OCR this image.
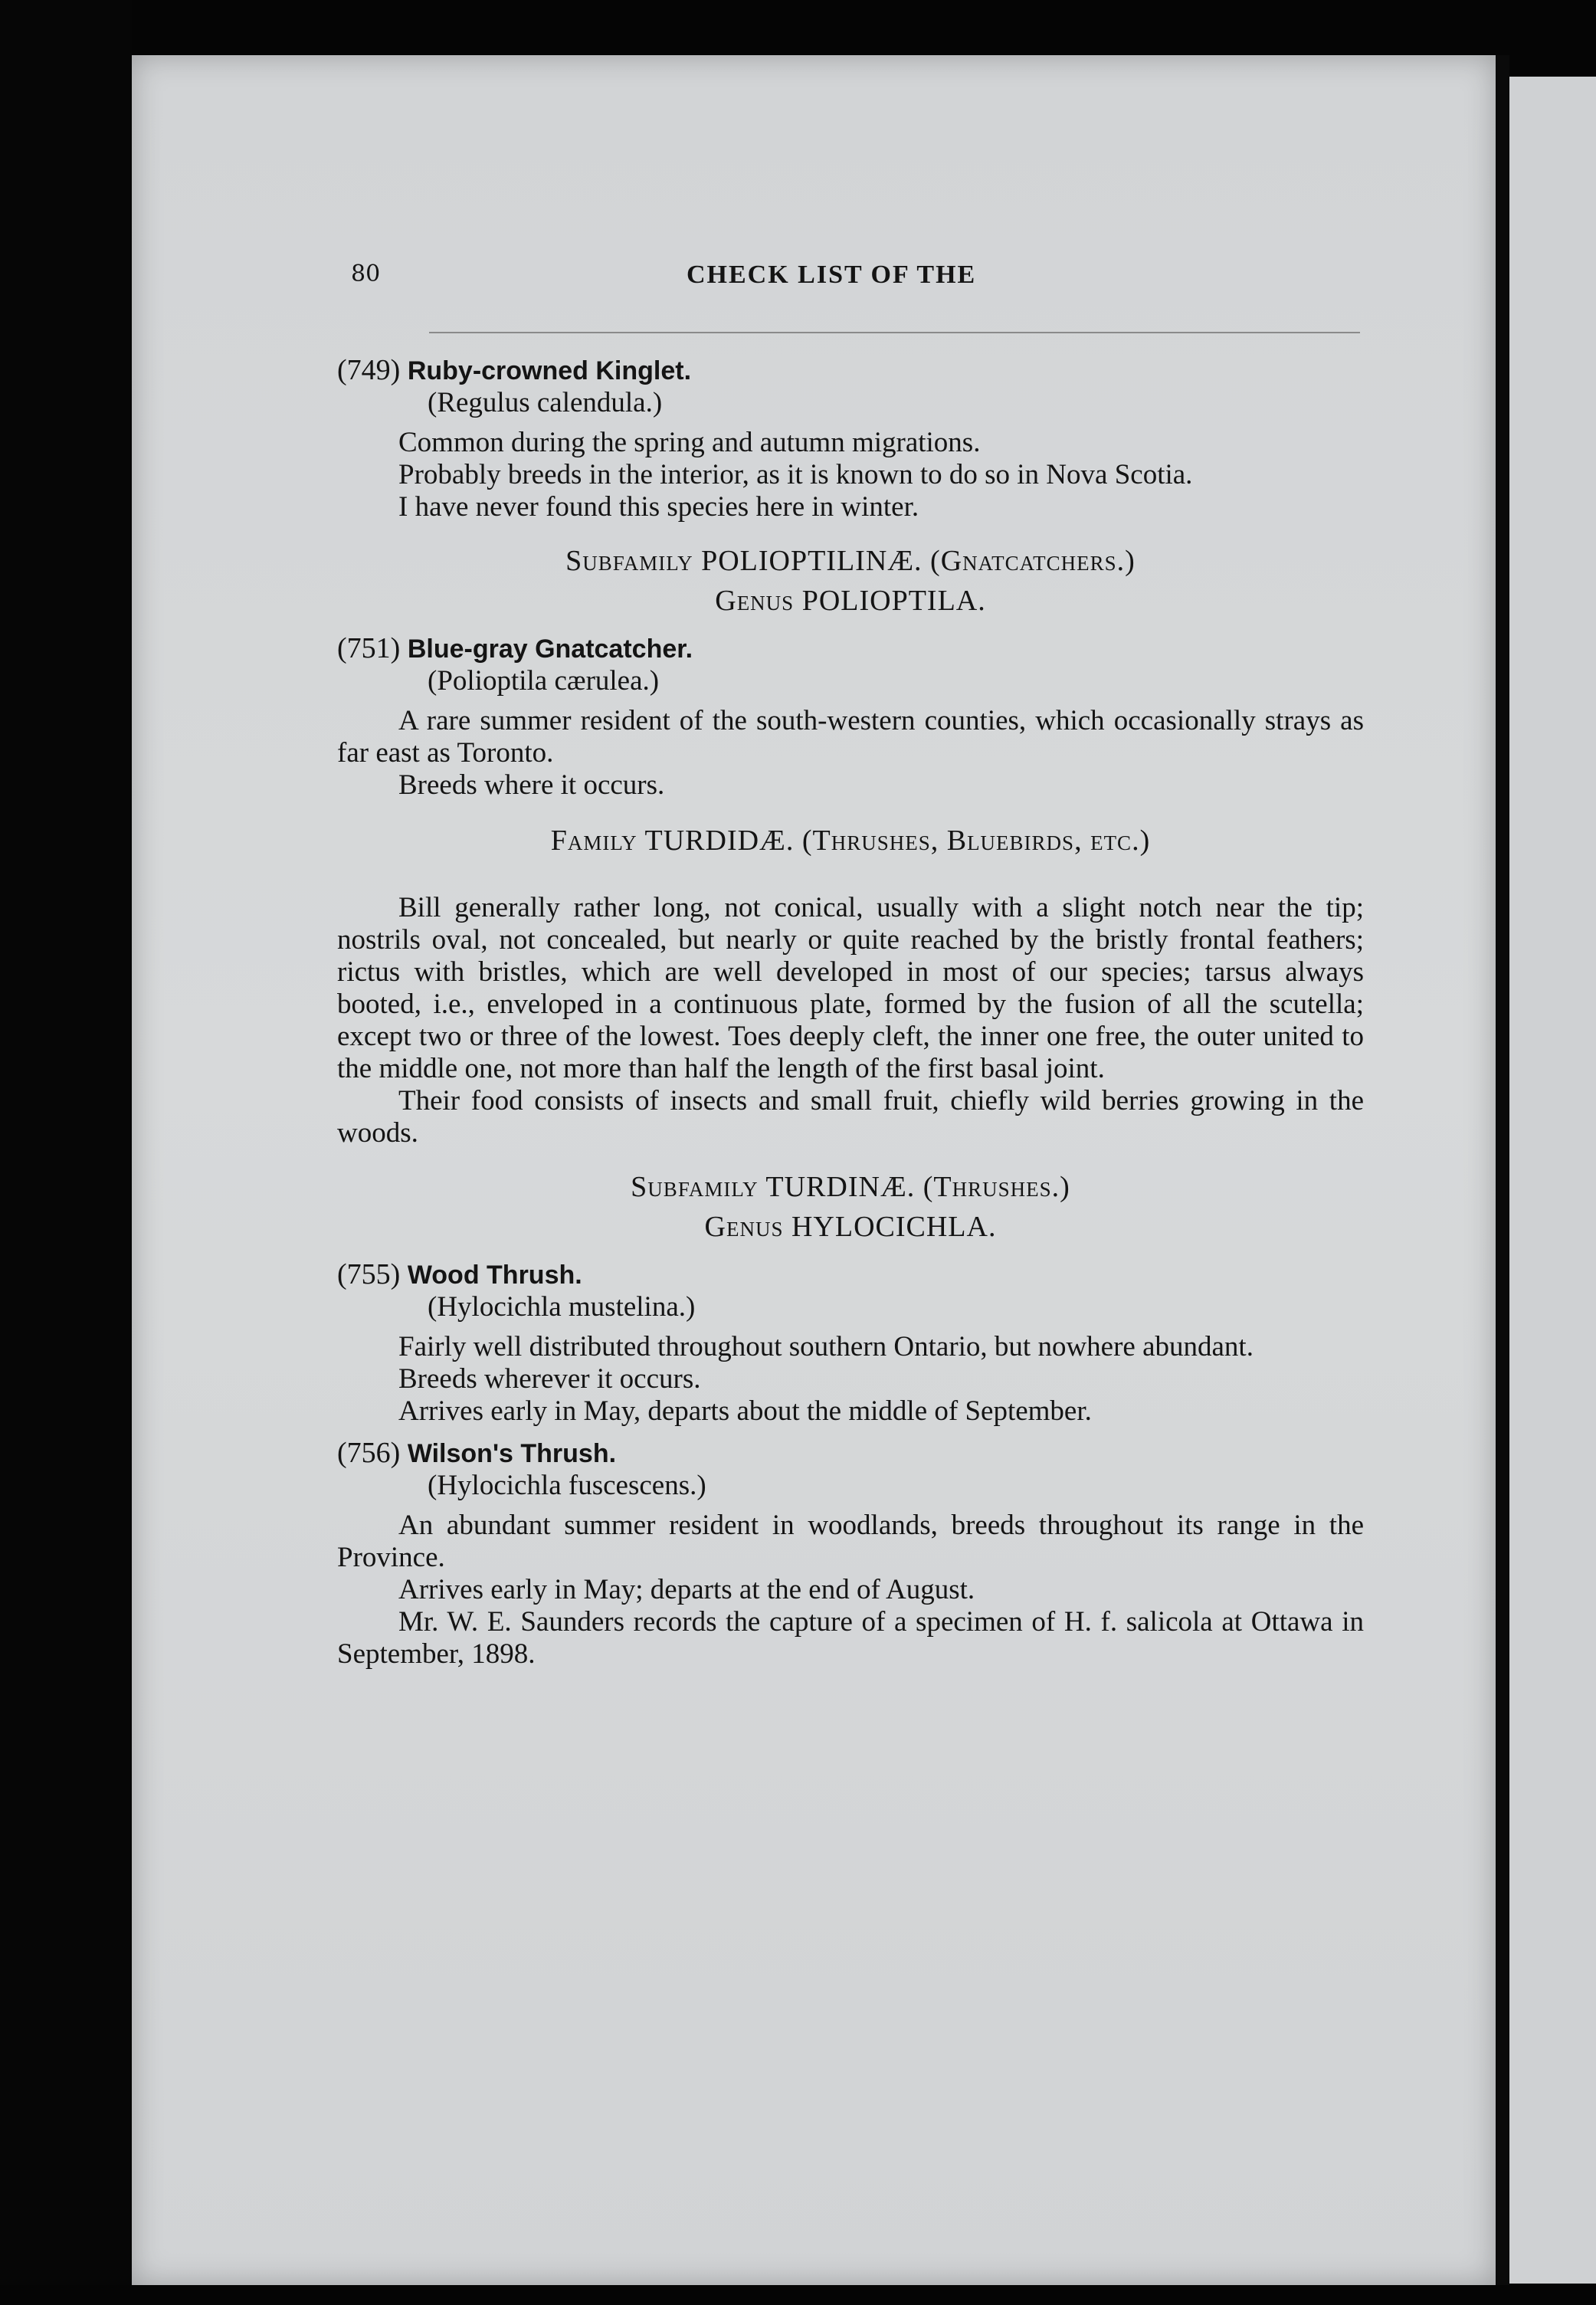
80	CHECK LIST OF THE
(749) Ruby-crowned Kinglet.
(Regulus calendula.)

Common during the spring and autumn migrations.

Probably breeds in the interior, as it is known to do so in Nova Scotia.

I have never found this species here in winter.

Subfamily POLIOPTILINÆ. (Gnatcatchers.)
Genus POLIOPTILA.
(751) Blue-gray Gnatcatcher.
(Polioptila cærulea.)

A rare summer resident of the south-western counties, which occasionally strays as far east as Toronto.

Breeds where it occurs.

Family TURDIDÆ. (Thrushes, Bluebirds, etc.)

Bill generally rather long, not conical, usually with a slight notch near the tip; nostrils oval, not concealed, but nearly or quite reached by the bristly frontal feathers; rictus with bristles, which are well developed in most of our species; tarsus always booted, i.e., enveloped in a continuous plate, formed by the fusion of all the scutella; except two or three of the lowest. Toes deeply cleft, the inner one free, the outer united to the middle one, not more than half the length of the first basal joint.

Their food consists of insects and small fruit, chiefly wild berries growing in the woods.

Subfamily TURDINÆ. (Thrushes.)
Genus HYLOCICHLA.
(755) Wood Thrush.
(Hylocichla mustelina.)

Fairly well distributed throughout southern Ontario, but nowhere abundant.

Breeds wherever it occurs.

Arrives early in May, departs about the middle of September.

(756) Wilson's Thrush.
(Hylocichla fuscescens.)

An abundant summer resident in woodlands, breeds throughout its range in the Province.

Arrives early in May; departs at the end of August.

Mr. W. E. Saunders records the capture of a specimen of H. f. salicola at Ottawa in September, 1898.
